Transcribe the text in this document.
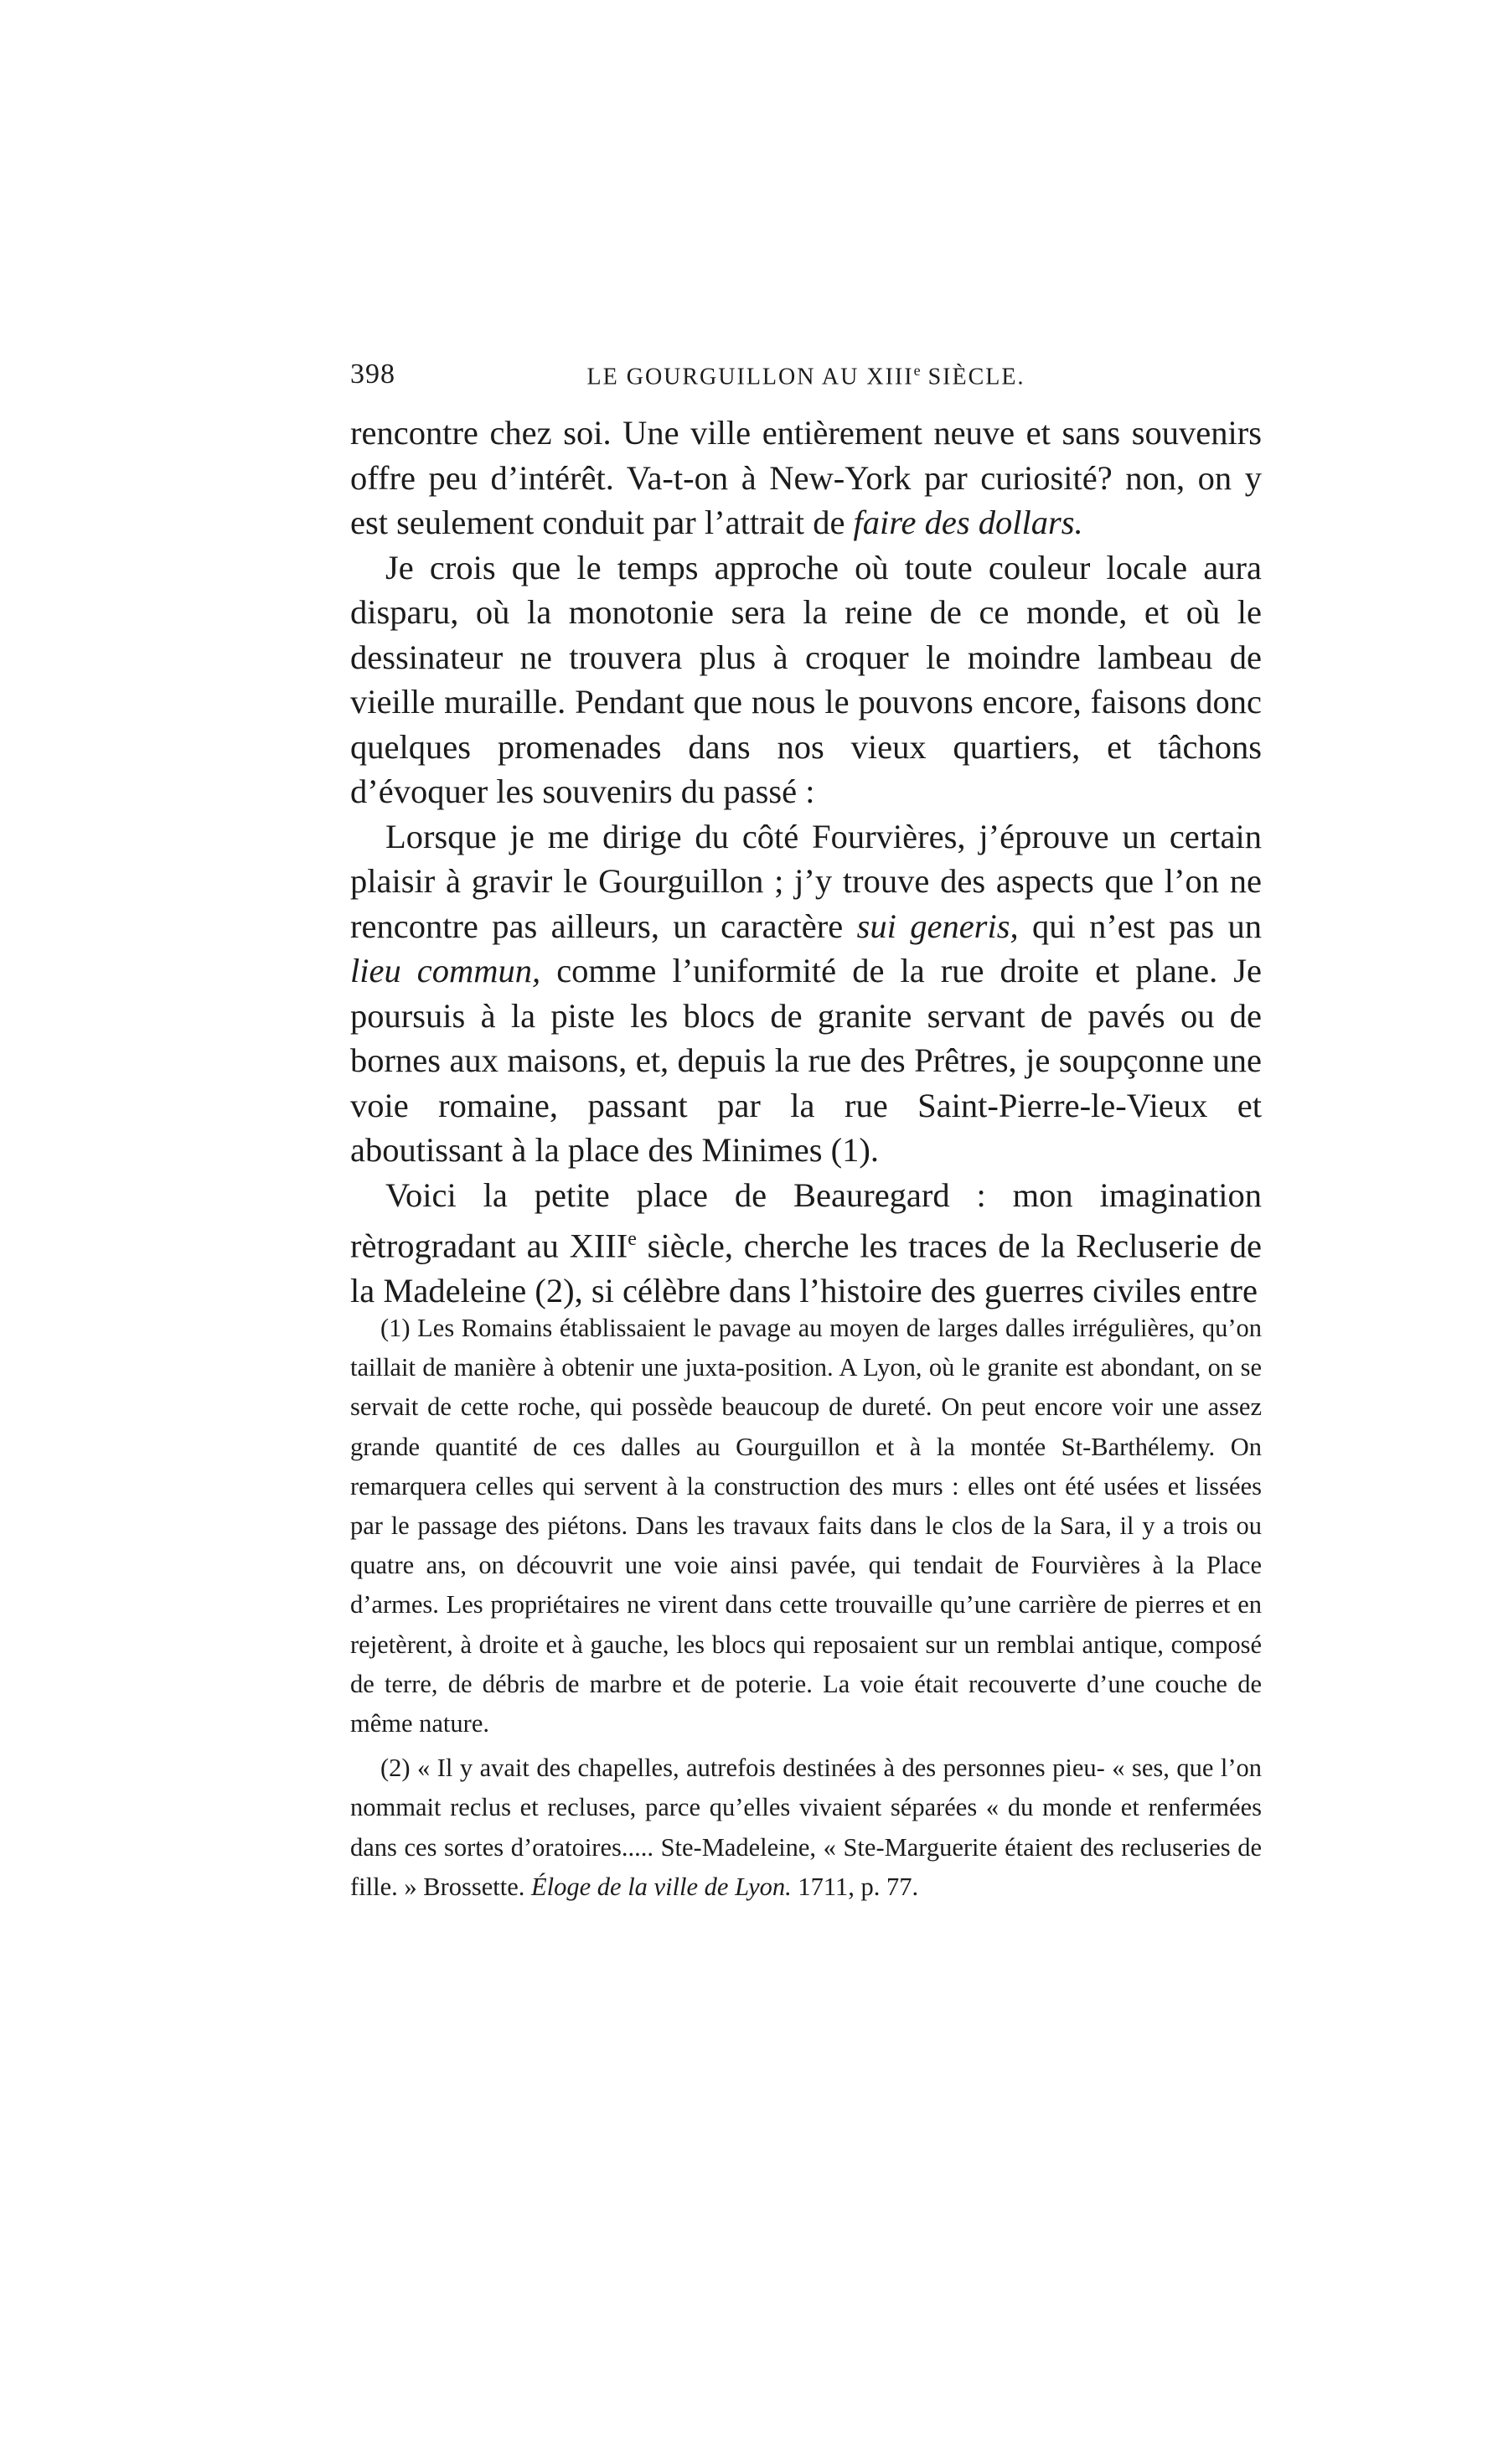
398	LE GOURGUILLON AU XIIIe SIÈCLE.

rencontre chez soi. Une ville entièrement neuve et sans souvenirs offre peu d’intérêt. Va-t-on à New-York par curiosité? non, on y est seulement conduit par l’attrait de faire des dollars.

Je crois que le temps approche où toute couleur locale aura disparu, où la monotonie sera la reine de ce monde, et où le dessinateur ne trouvera plus à croquer le moindre lambeau de vieille muraille. Pendant que nous le pouvons encore, faisons donc quelques promenades dans nos vieux quartiers, et tâchons d’évoquer les souvenirs du passé :

Lorsque je me dirige du côté Fourvières, j’éprouve un certain plaisir à gravir le Gourguillon ; j’y trouve des aspects que l’on ne rencontre pas ailleurs, un caractère sui generis, qui n’est pas un lieu commun, comme l’uniformité de la rue droite et plane. Je poursuis à la piste les blocs de granite servant de pavés ou de bornes aux maisons, et, depuis la rue des Prêtres, je soupçonne une voie romaine, passant par la rue Saint-Pierre-le-Vieux et aboutissant à la place des Minimes (1).

Voici la petite place de Beauregard : mon imagination rètrogradant au XIIIe siècle, cherche les traces de la Recluserie de la Madeleine (2), si célèbre dans l’histoire des guerres civiles entre

(1) Les Romains établissaient le pavage au moyen de larges dalles irrégulières, qu’on taillait de manière à obtenir une juxta-position. A Lyon, où le granite est abondant, on se servait de cette roche, qui possède beaucoup de dureté. On peut encore voir une assez grande quantité de ces dalles au Gourguillon et à la montée St-Barthélemy. On remarquera celles qui servent à la construction des murs : elles ont été usées et lissées par le passage des piétons. Dans les travaux faits dans le clos de la Sara, il y a trois ou quatre ans, on découvrit une voie ainsi pavée, qui tendait de Fourvières à la Place d’armes. Les propriétaires ne virent dans cette trouvaille qu’une carrière de pierres et en rejetèrent, à droite et à gauche, les blocs qui reposaient sur un remblai antique, composé de terre, de débris de marbre et de poterie. La voie était recouverte d’une couche de même nature.

(2) « Il y avait des chapelles, autrefois destinées à des personnes pieu- « ses, que l’on nommait reclus et recluses, parce qu’elles vivaient séparées « du monde et renfermées dans ces sortes d’oratoires..... Ste-Madeleine, « Ste-Marguerite étaient des recluseries de fille. » Brossette. Éloge de la ville de Lyon. 1711, p. 77.
